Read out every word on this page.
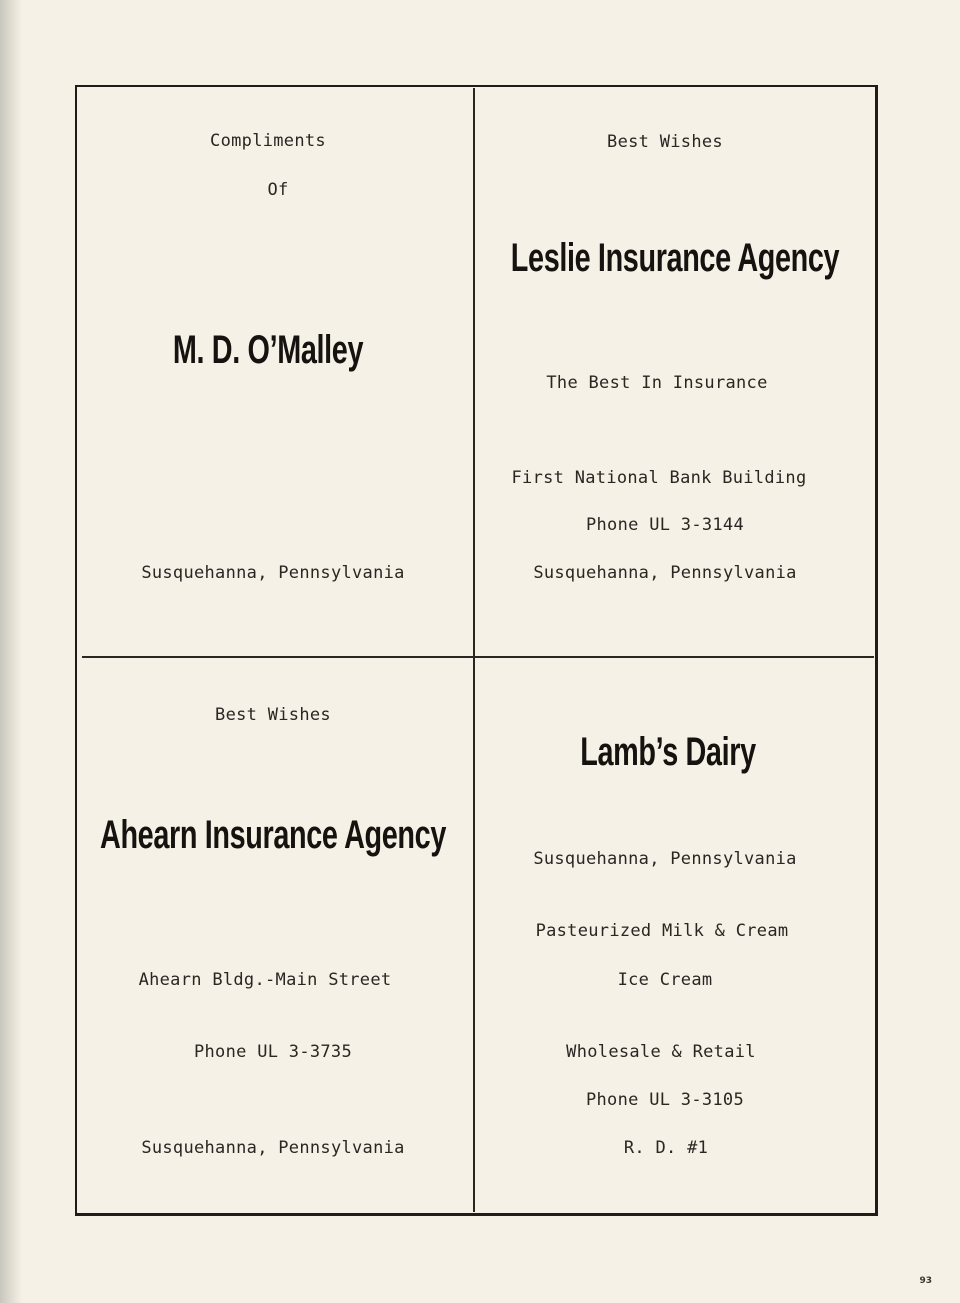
Compliments
Of
M. D. O’Malley
Susquehanna, Pennsylvania
Best Wishes
Leslie Insurance Agency
The Best In Insurance
First National Bank Building
Phone UL 3-3144
Susquehanna, Pennsylvania
Best Wishes
Ahearn Insurance Agency
Ahearn Bldg.-Main Street
Phone UL 3-3735
Susquehanna, Pennsylvania
Lamb’s Dairy
Susquehanna, Pennsylvania
Pasteurized Milk & Cream
Ice Cream
Wholesale & Retail
Phone UL 3-3105
R. D. #1
93
